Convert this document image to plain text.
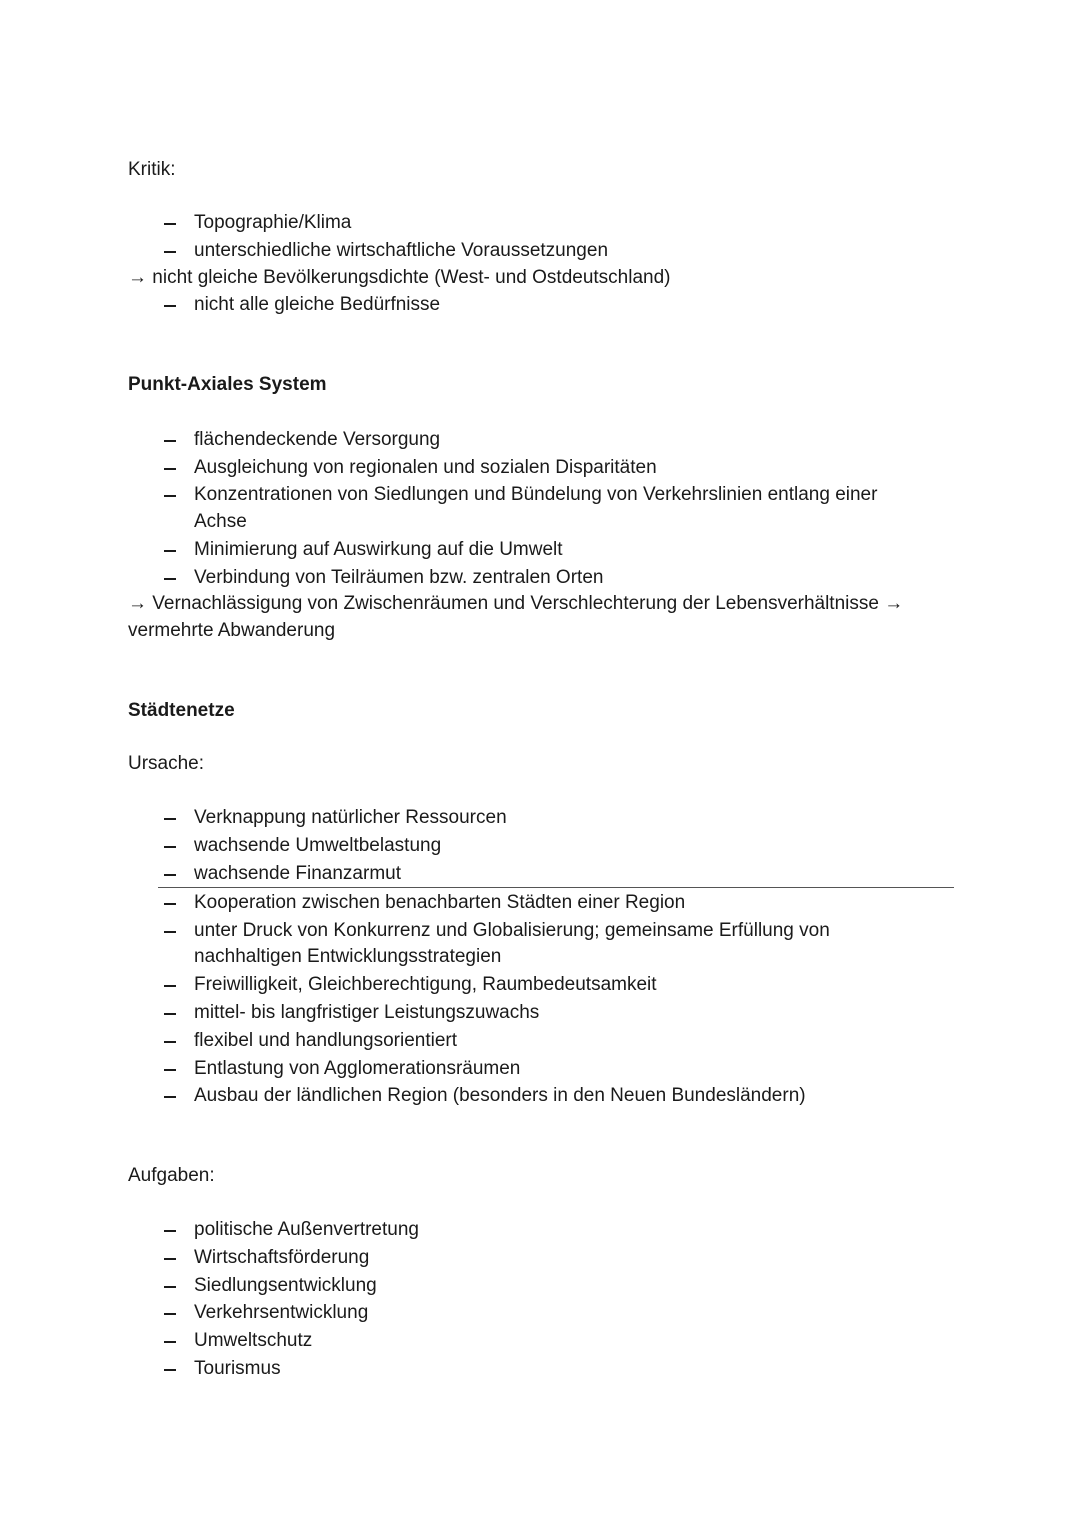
Kritik:
Topographie/Klima
unterschiedliche wirtschaftliche Voraussetzungen
→ nicht gleiche Bevölkerungsdichte (West- und Ostdeutschland)
nicht alle gleiche Bedürfnisse
Punkt-Axiales System
flächendeckende Versorgung
Ausgleichung von regionalen und sozialen Disparitäten
Konzentrationen von Siedlungen und Bündelung von Verkehrslinien entlang einer
Achse
Minimierung auf Auswirkung auf die Umwelt
Verbindung von Teilräumen bzw. zentralen Orten
→ Vernachlässigung von Zwischenräumen und Verschlechterung der Lebensverhältnisse →
vermehrte Abwanderung
Städtenetze
Ursache:
Verknappung natürlicher Ressourcen
wachsende Umweltbelastung
wachsende Finanzarmut
Kooperation zwischen benachbarten Städten einer Region
unter Druck von Konkurrenz und Globalisierung; gemeinsame Erfüllung von
nachhaltigen Entwicklungsstrategien
Freiwilligkeit, Gleichberechtigung, Raumbedeutsamkeit
mittel- bis langfristiger Leistungszuwachs
flexibel und handlungsorientiert
Entlastung von Agglomerationsräumen
Ausbau der ländlichen Region (besonders in den Neuen Bundesländern)
Aufgaben:
politische Außenvertretung
Wirtschaftsförderung
Siedlungsentwicklung
Verkehrsentwicklung
Umweltschutz
Tourismus
